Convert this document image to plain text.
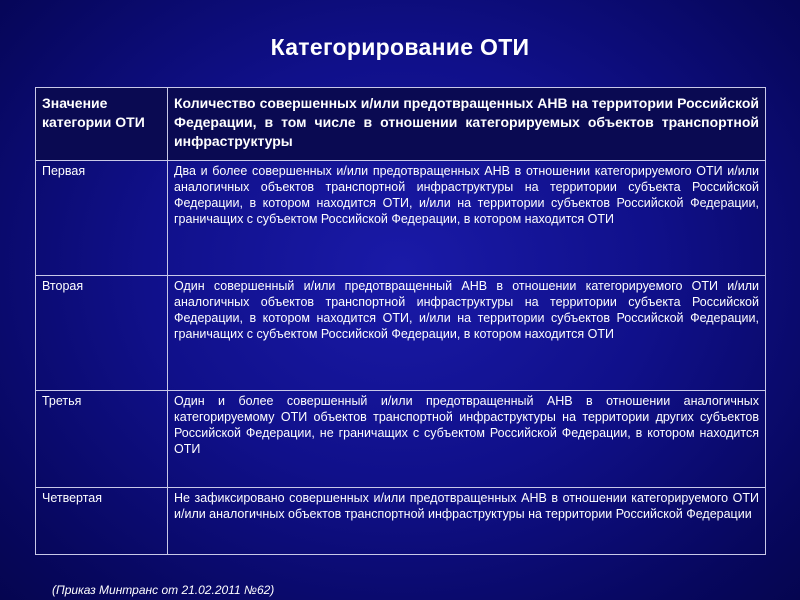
Категорирование ОТИ
Значение категории ОТИ	Количество совершенных и/или предотвращенных АНВ на территории Российской Федерации, в том числе в отношении категорируемых объектов транспортной инфраструктуры
Первая	Два и более совершенных и/или предотвращенных АНВ в отношении категорируемого ОТИ и/или аналогичных объектов транспортной инфраструктуры на территории субъекта Российской Федерации, в котором находится ОТИ, и/или на территории субъектов Российской Федерации, граничащих с субъектом Российской Федерации, в котором находится ОТИ
Вторая	Один совершенный и/или предотвращенный АНВ в отношении категорируемого ОТИ и/или аналогичных объектов транспортной инфраструктуры на территории субъекта Российской Федерации, в котором находится ОТИ, и/или на территории субъектов Российской Федерации, граничащих с субъектом Российской Федерации, в котором находится ОТИ
Третья	Один и более совершенный и/или предотвращенный АНВ в отношении аналогичных категорируемому ОТИ объектов транспортной инфраструктуры на территории других субъектов Российской Федерации, не граничащих с субъектом Российской Федерации, в котором находится ОТИ
Четвертая	Не зафиксировано совершенных и/или предотвращенных АНВ в отношении категорируемого ОТИ и/или аналогичных объектов транспортной инфраструктуры на территории Российской Федерации
(Приказ Минтранс от 21.02.2011 №62)
